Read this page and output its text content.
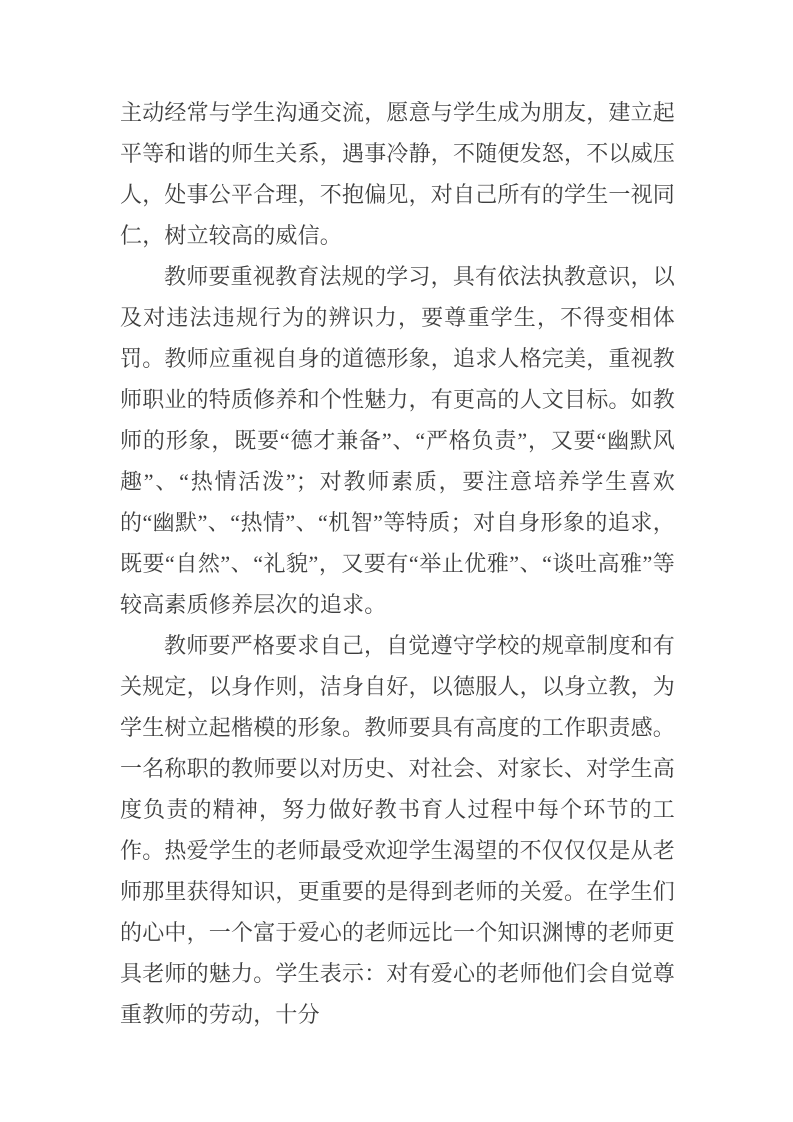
主动经常与学生沟通交流，愿意与学生成为朋友，建立起平等和谐的师生关系，遇事冷静，不随便发怒，不以威压人，处事公平合理，不抱偏见，对自己所有的学生一视同仁，树立较高的威信。

教师要重视教育法规的学习，具有依法执教意识，以及对违法违规行为的辨识力，要尊重学生，不得变相体罚。教师应重视自身的道德形象，追求人格完美，重视教师职业的特质修养和个性魅力，有更高的人文目标。如教师的形象，既要“德才兼备”、“严格负责”，又要“幽默风趣”、“热情活泼”；对教师素质，要注意培养学生喜欢的“幽默”、“热情”、“机智”等特质；对自身形象的追求，既要“自然”、“礼貌”，又要有“举止优雅”、“谈吐高雅”等较高素质修养层次的追求。

教师要严格要求自己，自觉遵守学校的规章制度和有关规定，以身作则，洁身自好，以德服人，以身立教，为学生树立起楷模的形象。教师要具有高度的工作职责感。一名称职的教师要以对历史、对社会、对家长、对学生高度负责的精神，努力做好教书育人过程中每个环节的工作。热爱学生的老师最受欢迎学生渴望的不仅仅仅是从老师那里获得知识，更重要的是得到老师的关爱。在学生们的心中，一个富于爱心的老师远比一个知识渊博的老师更具老师的魅力。学生表示：对有爱心的老师他们会自觉尊重教师的劳动，十分
